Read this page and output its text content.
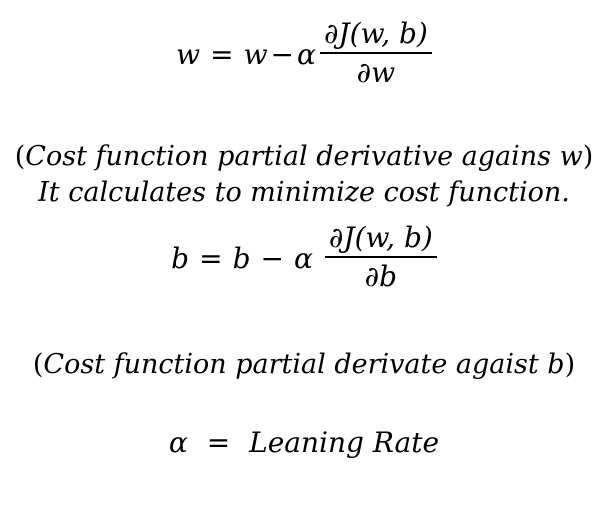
w = w − α $\frac{\partial J(w, b)}{\partial w}$
(Cost function partial derivative agains w)
It calculates to minimize cost function.
b = b − α $\frac{\partial J(w, b)}{\partial b}$
(Cost function partial derivate agaist b)
α = Leaning Rate
